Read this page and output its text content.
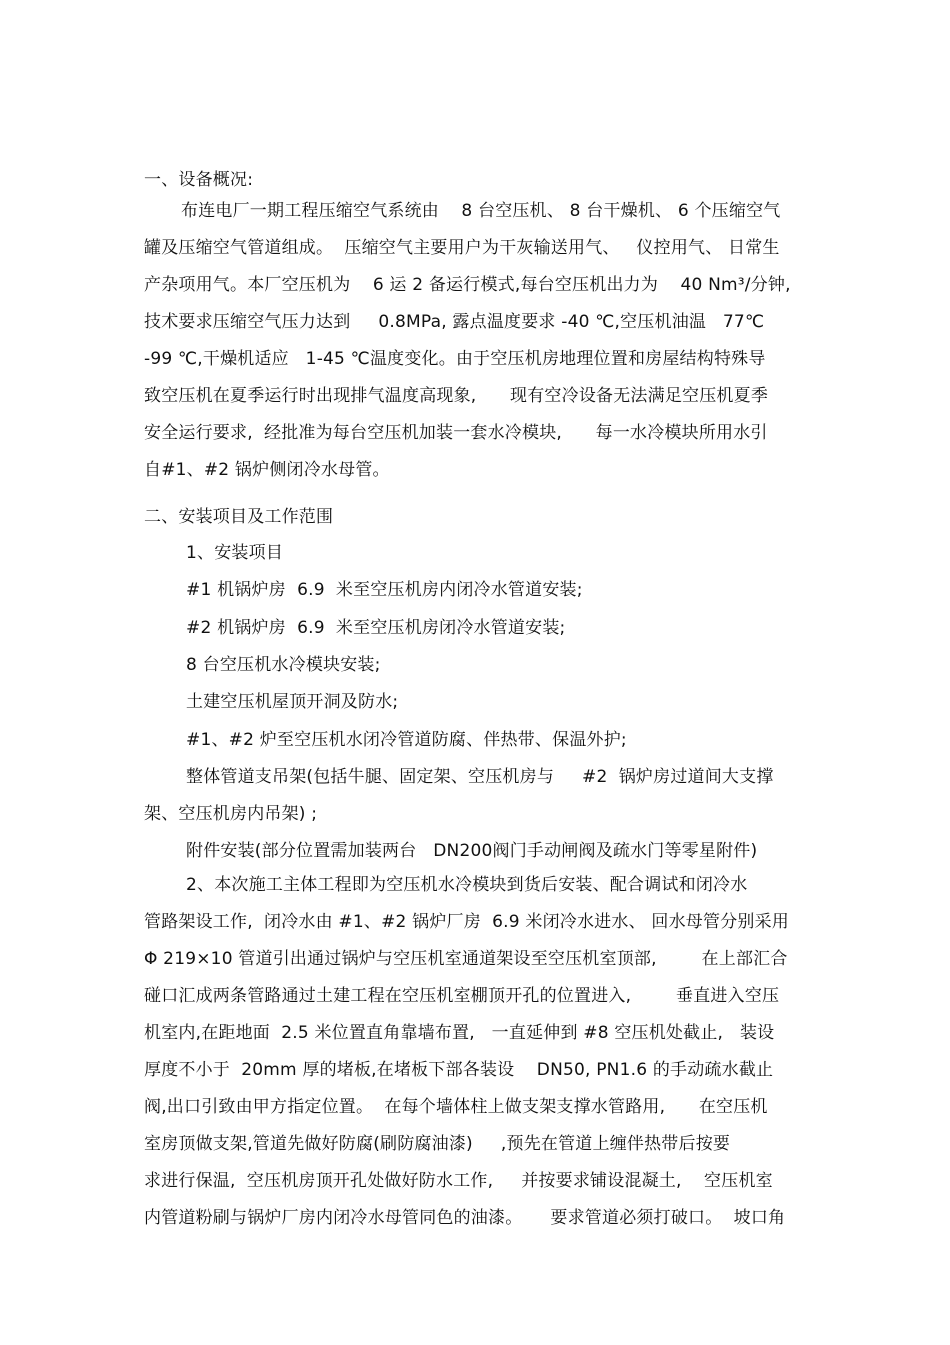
一、设备概况:
布连电厂一期工程压缩空气系统由    8 台空压机、 8 台干燥机、 6 个压缩空气
罐及压缩空气管道组成。  压缩空气主要用户为干灰输送用气、   仪控用气、 日常生
产杂项用气。本厂空压机为    6 运 2 备运行模式,每台空压机出力为    40 Nm³/分钟,
技术要求压缩空气压力达到     0.8MPa, 露点温度要求 -40 ℃,空压机油温   77℃
-99 ℃,干燥机适应   1-45 ℃温度变化。由于空压机房地理位置和房屋结构特殊导
致空压机在夏季运行时出现排气温度高现象,      现有空冷设备无法满足空压机夏季
安全运行要求,  经批准为每台空压机加装一套水冷模块,      每一水冷模块所用水引
自#1、#2 锅炉侧闭冷水母管。
二、安装项目及工作范围
1、安装项目
#1 机锅炉房  6.9  米至空压机房内闭冷水管道安装;
#2 机锅炉房  6.9  米至空压机房闭冷水管道安装;
8 台空压机水冷模块安装;
土建空压机屋顶开洞及防水;
#1、#2 炉至空压机水闭冷管道防腐、伴热带、保温外护;
整体管道支吊架(包括牛腿、固定架、空压机房与     #2  锅炉房过道间大支撑
架、空压机房内吊架) ;
附件安装(部分位置需加装两台   DN200阀门手动闸阀及疏水门等零星附件)
2、本次施工主体工程即为空压机水冷模块到货后安装、配合调试和闭冷水
管路架设工作,  闭冷水由 #1、#2 锅炉厂房  6.9 米闭冷水进水、 回水母管分别采用
Φ 219×10 管道引出通过锅炉与空压机室通道架设至空压机室顶部,        在上部汇合
碰口汇成两条管路通过土建工程在空压机室棚顶开孔的位置进入,        垂直进入空压
机室内,在距地面  2.5 米位置直角靠墙布置,   一直延伸到 #8 空压机处截止,   装设
厚度不小于  20mm 厚的堵板,在堵板下部各装设    DN50, PN1.6 的手动疏水截止
阀,出口引致由甲方指定位置。  在每个墙体柱上做支架支撑水管路用,      在空压机
室房顶做支架,管道先做好防腐(刷防腐油漆)     ,预先在管道上缠伴热带后按要
求进行保温,  空压机房顶开孔处做好防水工作,     并按要求铺设混凝土,    空压机室
内管道粉刷与锅炉厂房内闭冷水母管同色的油漆。     要求管道必须打破口。  坡口角
